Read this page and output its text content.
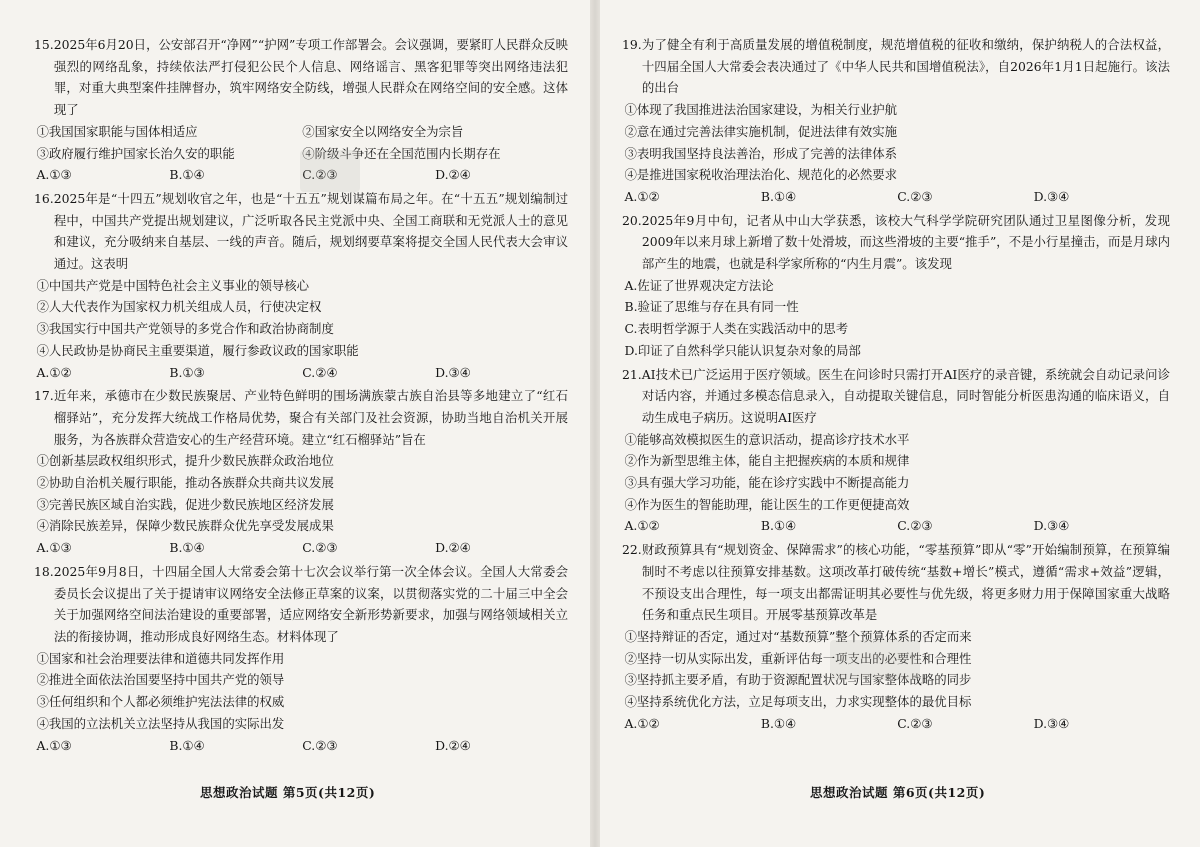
15.2025年6月20日，公安部召开“净网”“护网”专项工作部署会。会议强调，要紧盯人民群众反映强烈的网络乱象，持续依法严打侵犯公民个人信息、网络谣言、黑客犯罪等突出网络违法犯罪，对重大典型案件挂牌督办，筑牢网络安全防线，增强人民群众在网络空间的安全感。这体现了

①我国国家职能与国体相适应	②国家安全以网络安全为宗旨
③政府履行维护国家长治久安的职能	④阶级斗争还在全国范围内长期存在
A.①③	B.①④	C.②③	D.②④

16.2025年是“十四五”规划收官之年，也是“十五五”规划谋篇布局之年。在“十五五”规划编制过程中，中国共产党提出规划建议，广泛听取各民主党派中央、全国工商联和无党派人士的意见和建议，充分吸纳来自基层、一线的声音。随后，规划纲要草案将提交全国人民代表大会审议通过。这表明

①中国共产党是中国特色社会主义事业的领导核心

②人大代表作为国家权力机关组成人员，行使决定权

③我国实行中国共产党领导的多党合作和政治协商制度

④人民政协是协商民主重要渠道，履行参政议政的国家职能

A.①②	B.①③	C.②④	D.③④

17.近年来，承德市在少数民族聚居、产业特色鲜明的围场满族蒙古族自治县等多地建立了“红石榴驿站”，充分发挥大统战工作格局优势，聚合有关部门及社会资源，协助当地自治机关开展服务，为各族群众营造安心的生产经营环境。建立“红石榴驿站”旨在

①创新基层政权组织形式，提升少数民族群众政治地位

②协助自治机关履行职能，推动各族群众共商共议发展

③完善民族区域自治实践，促进少数民族地区经济发展

④消除民族差异，保障少数民族群众优先享受发展成果

A.①③	B.①④	C.②③	D.②④

18.2025年9月8日，十四届全国人大常委会第十七次会议举行第一次全体会议。全国人大常委会委员长会议提出了关于提请审议网络安全法修正草案的议案，以贯彻落实党的二十届三中全会关于加强网络空间法治建设的重要部署，适应网络安全新形势新要求，加强与网络领域相关立法的衔接协调，推动形成良好网络生态。材料体现了

①国家和社会治理要法律和道德共同发挥作用

②推进全面依法治国要坚持中国共产党的领导

③任何组织和个人都必须维护宪法法律的权威

④我国的立法机关立法坚持从我国的实际出发

A.①③	B.①④	C.②③	D.②④
思想政治试题 第5页(共12页)

19.为了健全有利于高质量发展的增值税制度，规范增值税的征收和缴纳，保护纳税人的合法权益，十四届全国人大常委会表决通过了《中华人民共和国增值税法》，自2026年1月1日起施行。该法的出台

①体现了我国推进法治国家建设，为相关行业护航

②意在通过完善法律实施机制，促进法律有效实施

③表明我国坚持良法善治，形成了完善的法律体系

④是推进国家税收治理法治化、规范化的必然要求

A.①②	B.①④	C.②③	D.③④

20.2025年9月中旬，记者从中山大学获悉，该校大气科学学院研究团队通过卫星图像分析，发现2009年以来月球上新增了数十处滑坡，而这些滑坡的主要“推手”，不是小行星撞击，而是月球内部产生的地震，也就是科学家所称的“内生月震”。该发现

A.佐证了世界观决定方法论

B.验证了思维与存在具有同一性

C.表明哲学源于人类在实践活动中的思考

D.印证了自然科学只能认识复杂对象的局部

21.AI技术已广泛运用于医疗领域。医生在问诊时只需打开AI医疗的录音键，系统就会自动记录问诊对话内容，并通过多模态信息录入，自动提取关键信息，同时智能分析医患沟通的临床语义，自动生成电子病历。这说明AI医疗

①能够高效模拟医生的意识活动，提高诊疗技术水平

②作为新型思维主体，能自主把握疾病的本质和规律

③具有强大学习功能，能在诊疗实践中不断提高能力

④作为医生的智能助理，能让医生的工作更便捷高效

A.①②	B.①④	C.②③	D.③④

22.财政预算具有“规划资金、保障需求”的核心功能，“零基预算”即从“零”开始编制预算，在预算编制时不考虑以往预算安排基数。这项改革打破传统“基数+增长”模式，遵循“需求+效益”逻辑，不预设支出合理性，每一项支出都需证明其必要性与优先级，将更多财力用于保障国家重大战略任务和重点民生项目。开展零基预算改革是

①坚持辩证的否定，通过对“基数预算”整个预算体系的否定而来

②坚持一切从实际出发，重新评估每一项支出的必要性和合理性

③坚持抓主要矛盾，有助于资源配置状况与国家整体战略的同步

④坚持系统优化方法，立足每项支出，力求实现整体的最优目标

A.①②	B.①④	C.②③	D.③④
思想政治试题 第6页(共12页)
